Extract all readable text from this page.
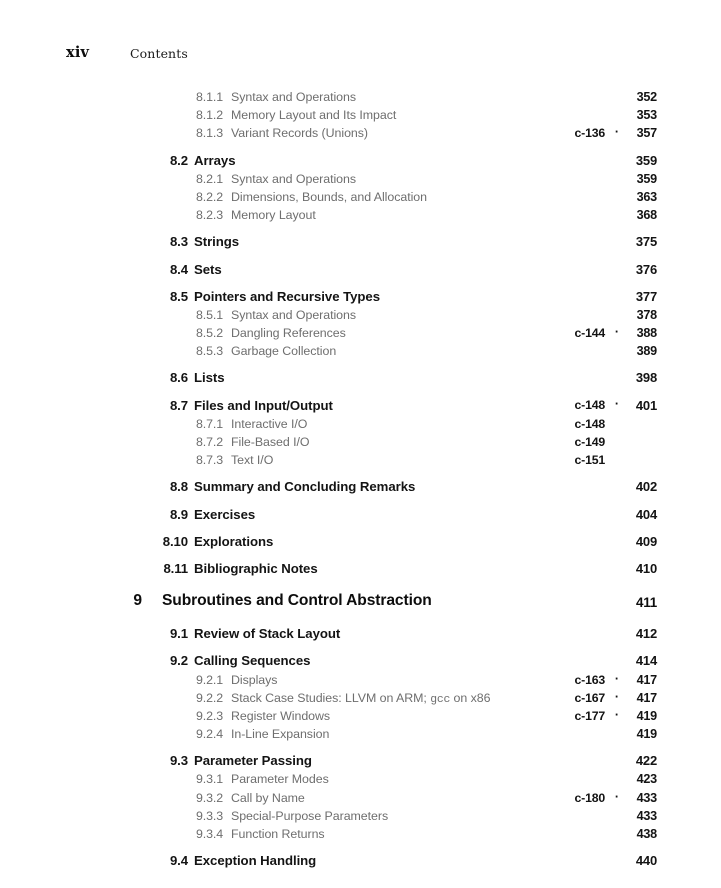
xiv	Contents
8.1.1 Syntax and Operations	352
8.1.2 Memory Layout and Its Impact	353
8.1.3 Variant Records (Unions)	c-136 ·	357
8.2 Arrays	359
8.2.1 Syntax and Operations	359
8.2.2 Dimensions, Bounds, and Allocation	363
8.2.3 Memory Layout	368
8.3 Strings	375
8.4 Sets	376
8.5 Pointers and Recursive Types	377
8.5.1 Syntax and Operations	378
8.5.2 Dangling References	c-144 ·	388
8.5.3 Garbage Collection	389
8.6 Lists	398
8.7 Files and Input/Output	c-148 ·	401
8.7.1 Interactive I/O	c-148
8.7.2 File-Based I/O	c-149
8.7.3 Text I/O	c-151
8.8 Summary and Concluding Remarks	402
8.9 Exercises	404
8.10 Explorations	409
8.11 Bibliographic Notes	410
9 Subroutines and Control Abstraction	411
9.1 Review of Stack Layout	412
9.2 Calling Sequences	414
9.2.1 Displays	c-163 ·	417
9.2.2 Stack Case Studies: LLVM on ARM; gcc on x86	c-167 ·	417
9.2.3 Register Windows	c-177 ·	419
9.2.4 In-Line Expansion	419
9.3 Parameter Passing	422
9.3.1 Parameter Modes	423
9.3.2 Call by Name	c-180 ·	433
9.3.3 Special-Purpose Parameters	433
9.3.4 Function Returns	438
9.4 Exception Handling	440
